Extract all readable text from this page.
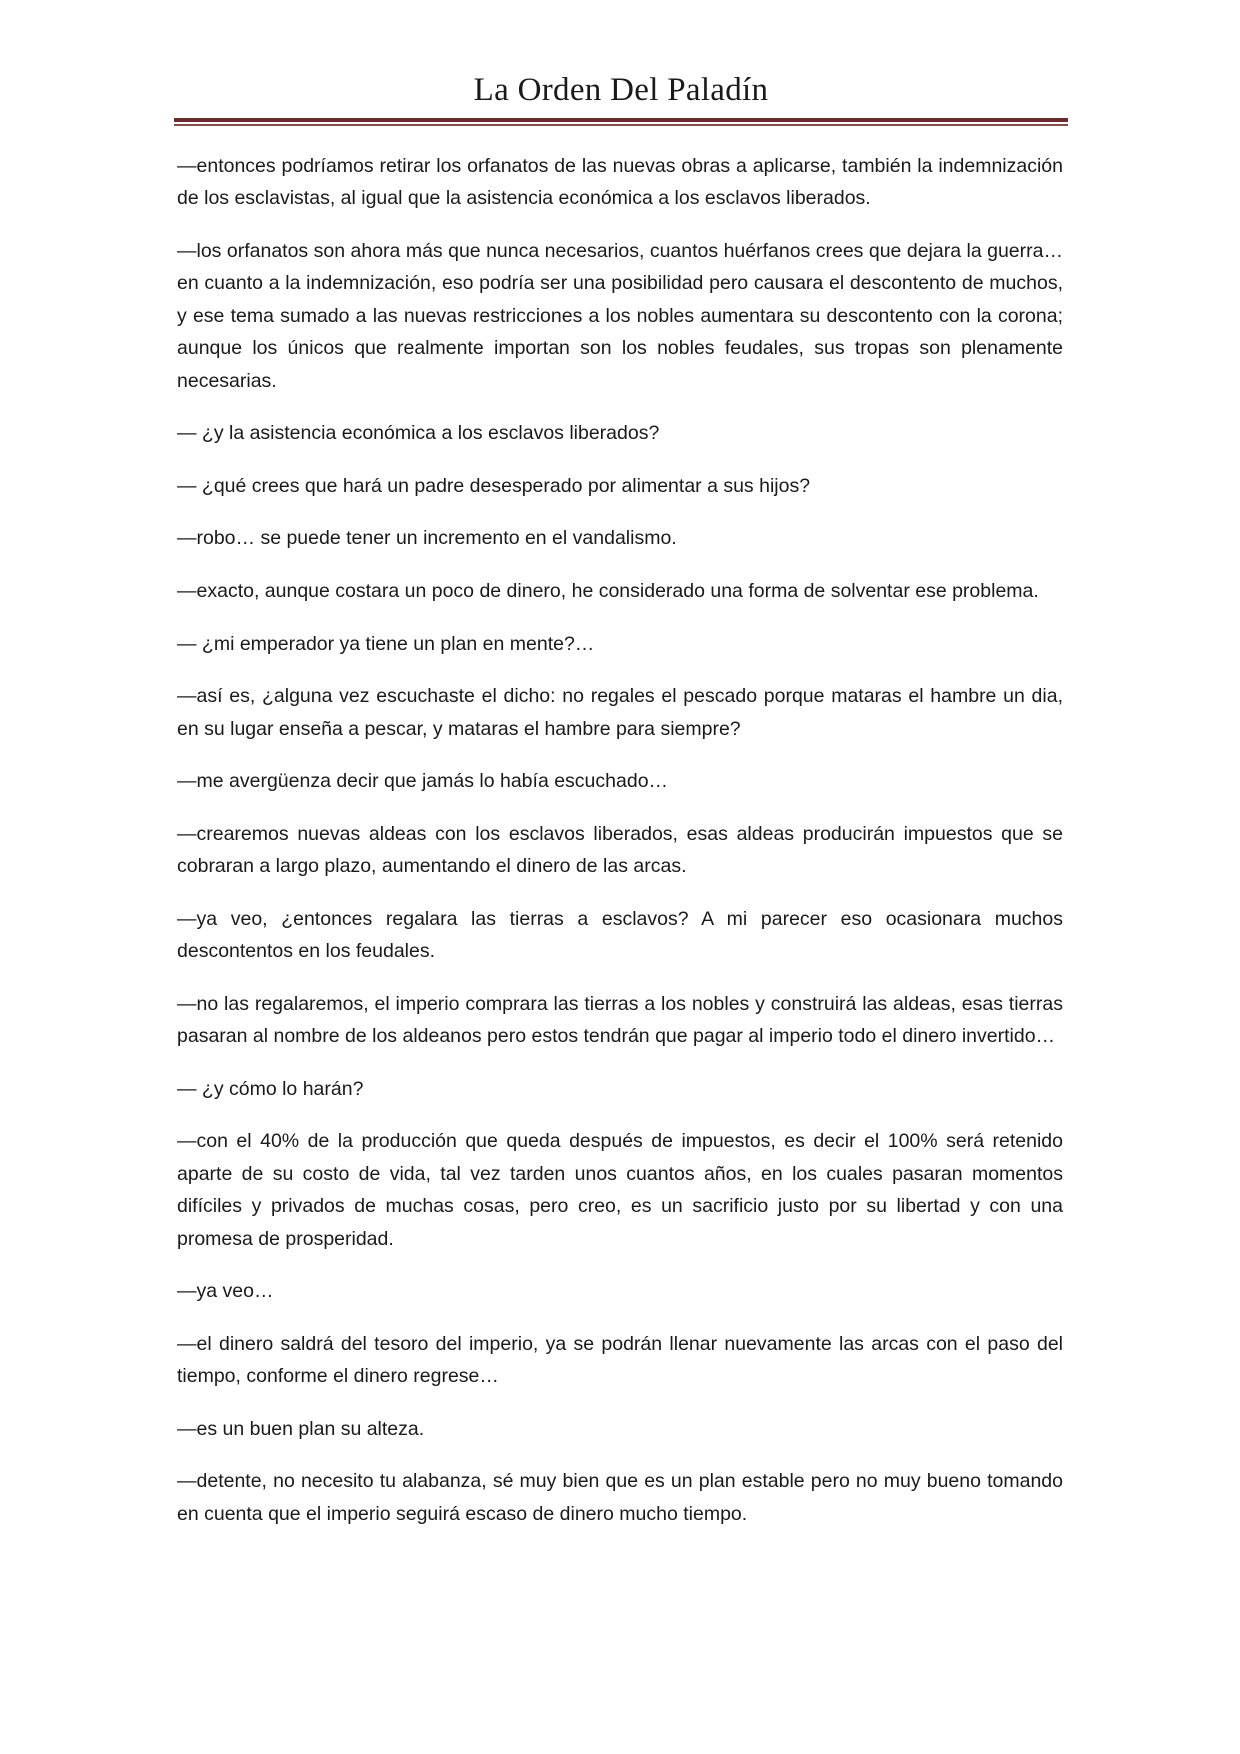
La Orden Del Paladín

—entonces podríamos retirar los orfanatos de las nuevas obras a aplicarse, también la indemnización de los esclavistas, al igual que la asistencia económica a los esclavos liberados.

—los orfanatos son ahora más que nunca necesarios, cuantos huérfanos crees que dejara la guerra… en cuanto a la indemnización, eso podría ser una posibilidad pero causara el descontento de muchos, y ese tema sumado a las nuevas restricciones a los nobles aumentara su descontento con la corona; aunque los únicos que realmente importan son los nobles feudales, sus tropas son plenamente necesarias.

— ¿y la asistencia económica a los esclavos liberados?

— ¿qué crees que hará un padre desesperado por alimentar a sus hijos?

—robo… se puede tener un incremento en el vandalismo.

—exacto, aunque costara un poco de dinero, he considerado una forma de solventar ese problema.

— ¿mi emperador ya tiene un plan en mente?…

—así es, ¿alguna vez escuchaste el dicho: no regales el pescado porque mataras el hambre un dia, en su lugar enseña a pescar, y mataras el hambre para siempre?

—me avergüenza decir que jamás lo había escuchado…

—crearemos nuevas aldeas con los esclavos liberados, esas aldeas producirán impuestos que se cobraran a largo plazo, aumentando el dinero de las arcas.

—ya veo, ¿entonces regalara las tierras a esclavos? A mi parecer eso ocasionara muchos descontentos en los feudales.

—no las regalaremos, el imperio comprara las tierras a los nobles y construirá las aldeas, esas tierras pasaran al nombre de los aldeanos pero estos tendrán que pagar al imperio todo el dinero invertido…

— ¿y cómo lo harán?

—con el 40% de la producción que queda después de impuestos, es decir el 100% será retenido aparte de su costo de vida, tal vez tarden unos cuantos años, en los cuales pasaran momentos difíciles y privados de muchas cosas, pero creo, es un sacrificio justo por su libertad y con una promesa de prosperidad.

—ya veo…

—el dinero saldrá del tesoro del imperio, ya se podrán llenar nuevamente las arcas con el paso del tiempo, conforme el dinero regrese…

—es un buen plan su alteza.

—detente, no necesito tu alabanza, sé muy bien que es un plan estable pero no muy bueno tomando en cuenta que el imperio seguirá escaso de dinero mucho tiempo.
